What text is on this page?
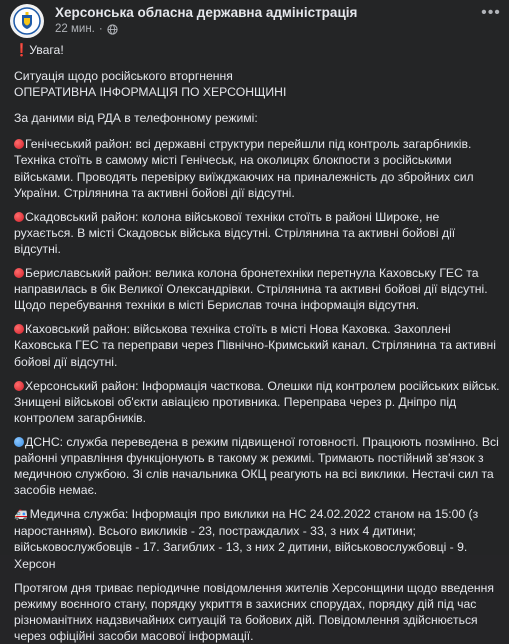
Херсонська обласна державна адміністрація
22 мин. ·
•••

❗Увага!

Ситуація щодо російського вторгнення

ОПЕРАТИВНА ІНФОРМАЦІЯ ПО ХЕРСОНЩИНІ

За даними від РДА в телефонному режимі:

Генічеський район: всі державні структури перейшли під контроль загарбників. Техніка стоїть в самому місті Генічеськ, на околицях блокпости з російськими військами. Проводять перевірку виїжджаючих на приналежність до збройних сил України. Стрілянина та активні бойові дії відсутні.

Скадовський район: колона військової техніки стоїть в районі Широке, не рухається. В місті Скадовськ війська відсутні. Стрілянина та активні бойові дії відсутні.

Бериславський район: велика колона бронетехніки перетнула Каховську ГЕС та направилась в бік Великої Олександрівки. Стрілянина та активні бойові дії відсутні. Щодо перебування техніки в місті Берислав точна інформація відсутня.

Каховський район: військова техніка стоїть в місті Нова Каховка. Захоплені Каховська ГЕС та переправи через Північно-Кримський канал. Стрілянина та активні бойові дії відсутні.

Херсонський район: Інформація часткова. Олешки під контролем російських військ. Знищені військові об'єкти авіацією противника. Переправа через р. Дніпро під контролем загарбників.

ДСНС: служба переведена в режим підвищеної готовності. Працюють позмінно. Всі районні управління функціонують в такому ж режимі. Тримають постійний зв'язок з медичною службою. Зі слів начальника ОКЦ реагують на всі виклики. Нестачі сил та засобів немає.

🚑 Медична служба: Інформація про виклики на НС 24.02.2022 станом на 15:00 (з наростанням). Всього викликів - 23, постраждалих - 33, з них 4 дитини; військовослужбовців - 17. Загиблих - 13, з них 2 дитини, військовослужбовці - 9. Херсон

Протягом дня триває періодичне повідомлення жителів Херсонщини щодо введення режиму воєнного стану, порядку укриття в захисних спорудах, порядку дій під час різноманітних надзвичайних ситуацій та бойових дій. Повідомлення здійснюється через офіційні засоби масової інформації.
